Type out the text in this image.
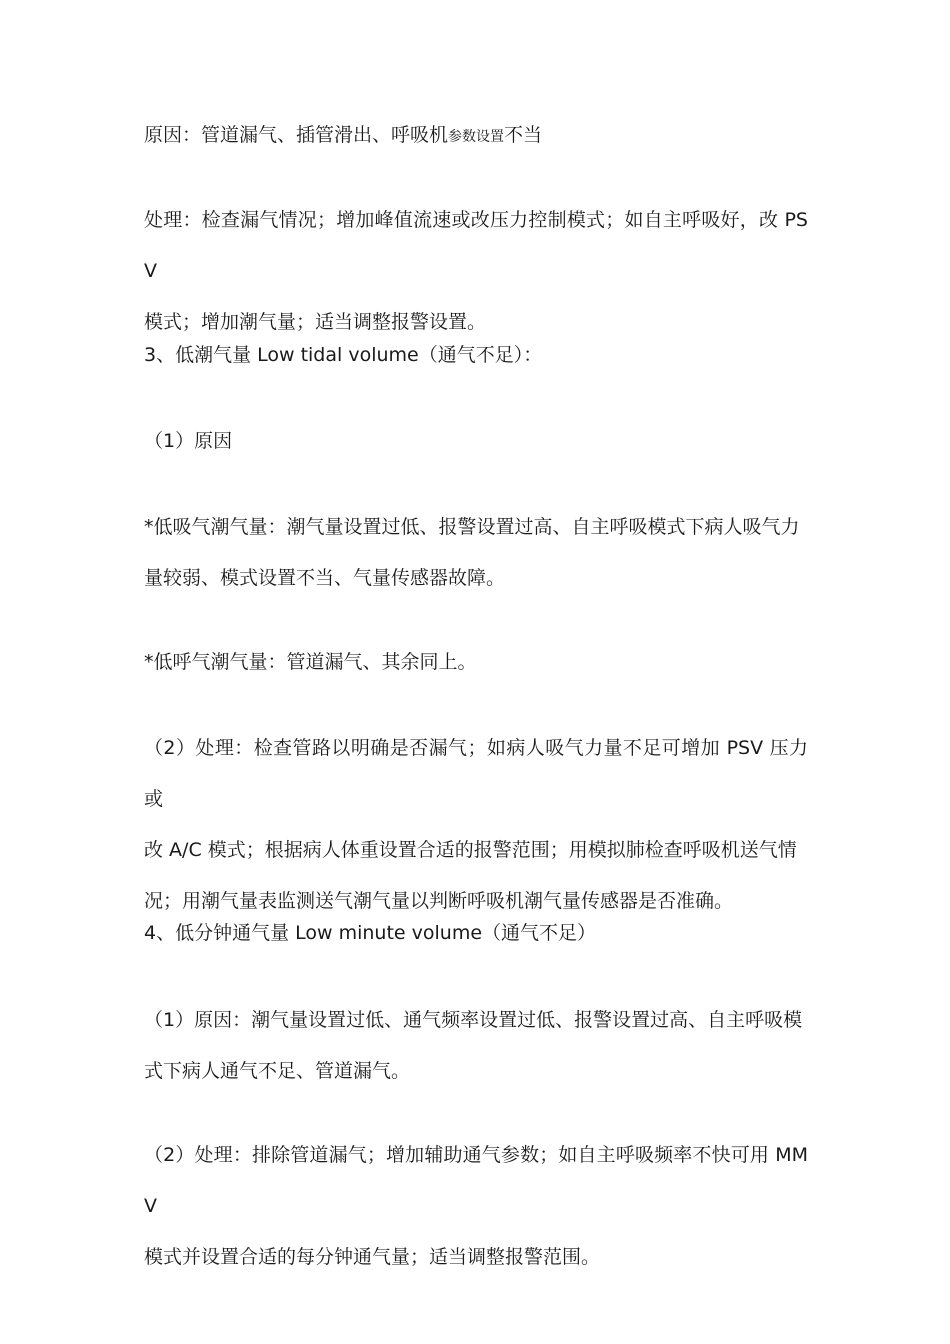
原因：管道漏气、插管滑出、呼吸机参数设置不当

处理：检查漏气情况；增加峰值流速或改压力控制模式；如自主呼吸好，改 PSV
模式；增加潮气量；适当调整报警设置。

3、低潮气量 Low tidal volume（通气不足）：

（1）原因

*低吸气潮气量：潮气量设置过低、报警设置过高、自主呼吸模式下病人吸气力
量较弱、模式设置不当、气量传感器故障。

*低呼气潮气量：管道漏气、其余同上。

（2）处理：检查管路以明确是否漏气；如病人吸气力量不足可增加 PSV 压力或
改 A/C 模式；根据病人体重设置合适的报警范围；用模拟肺检查呼吸机送气情
况；用潮气量表监测送气潮气量以判断呼吸机潮气量传感器是否准确。

4、低分钟通气量 Low minute volume（通气不足）

（1）原因：潮气量设置过低、通气频率设置过低、报警设置过高、自主呼吸模
式下病人通气不足、管道漏气。

（2）处理：排除管道漏气；增加辅助通气参数；如自主呼吸频率不快可用 MMV
模式并设置合适的每分钟通气量；适当调整报警范围。
